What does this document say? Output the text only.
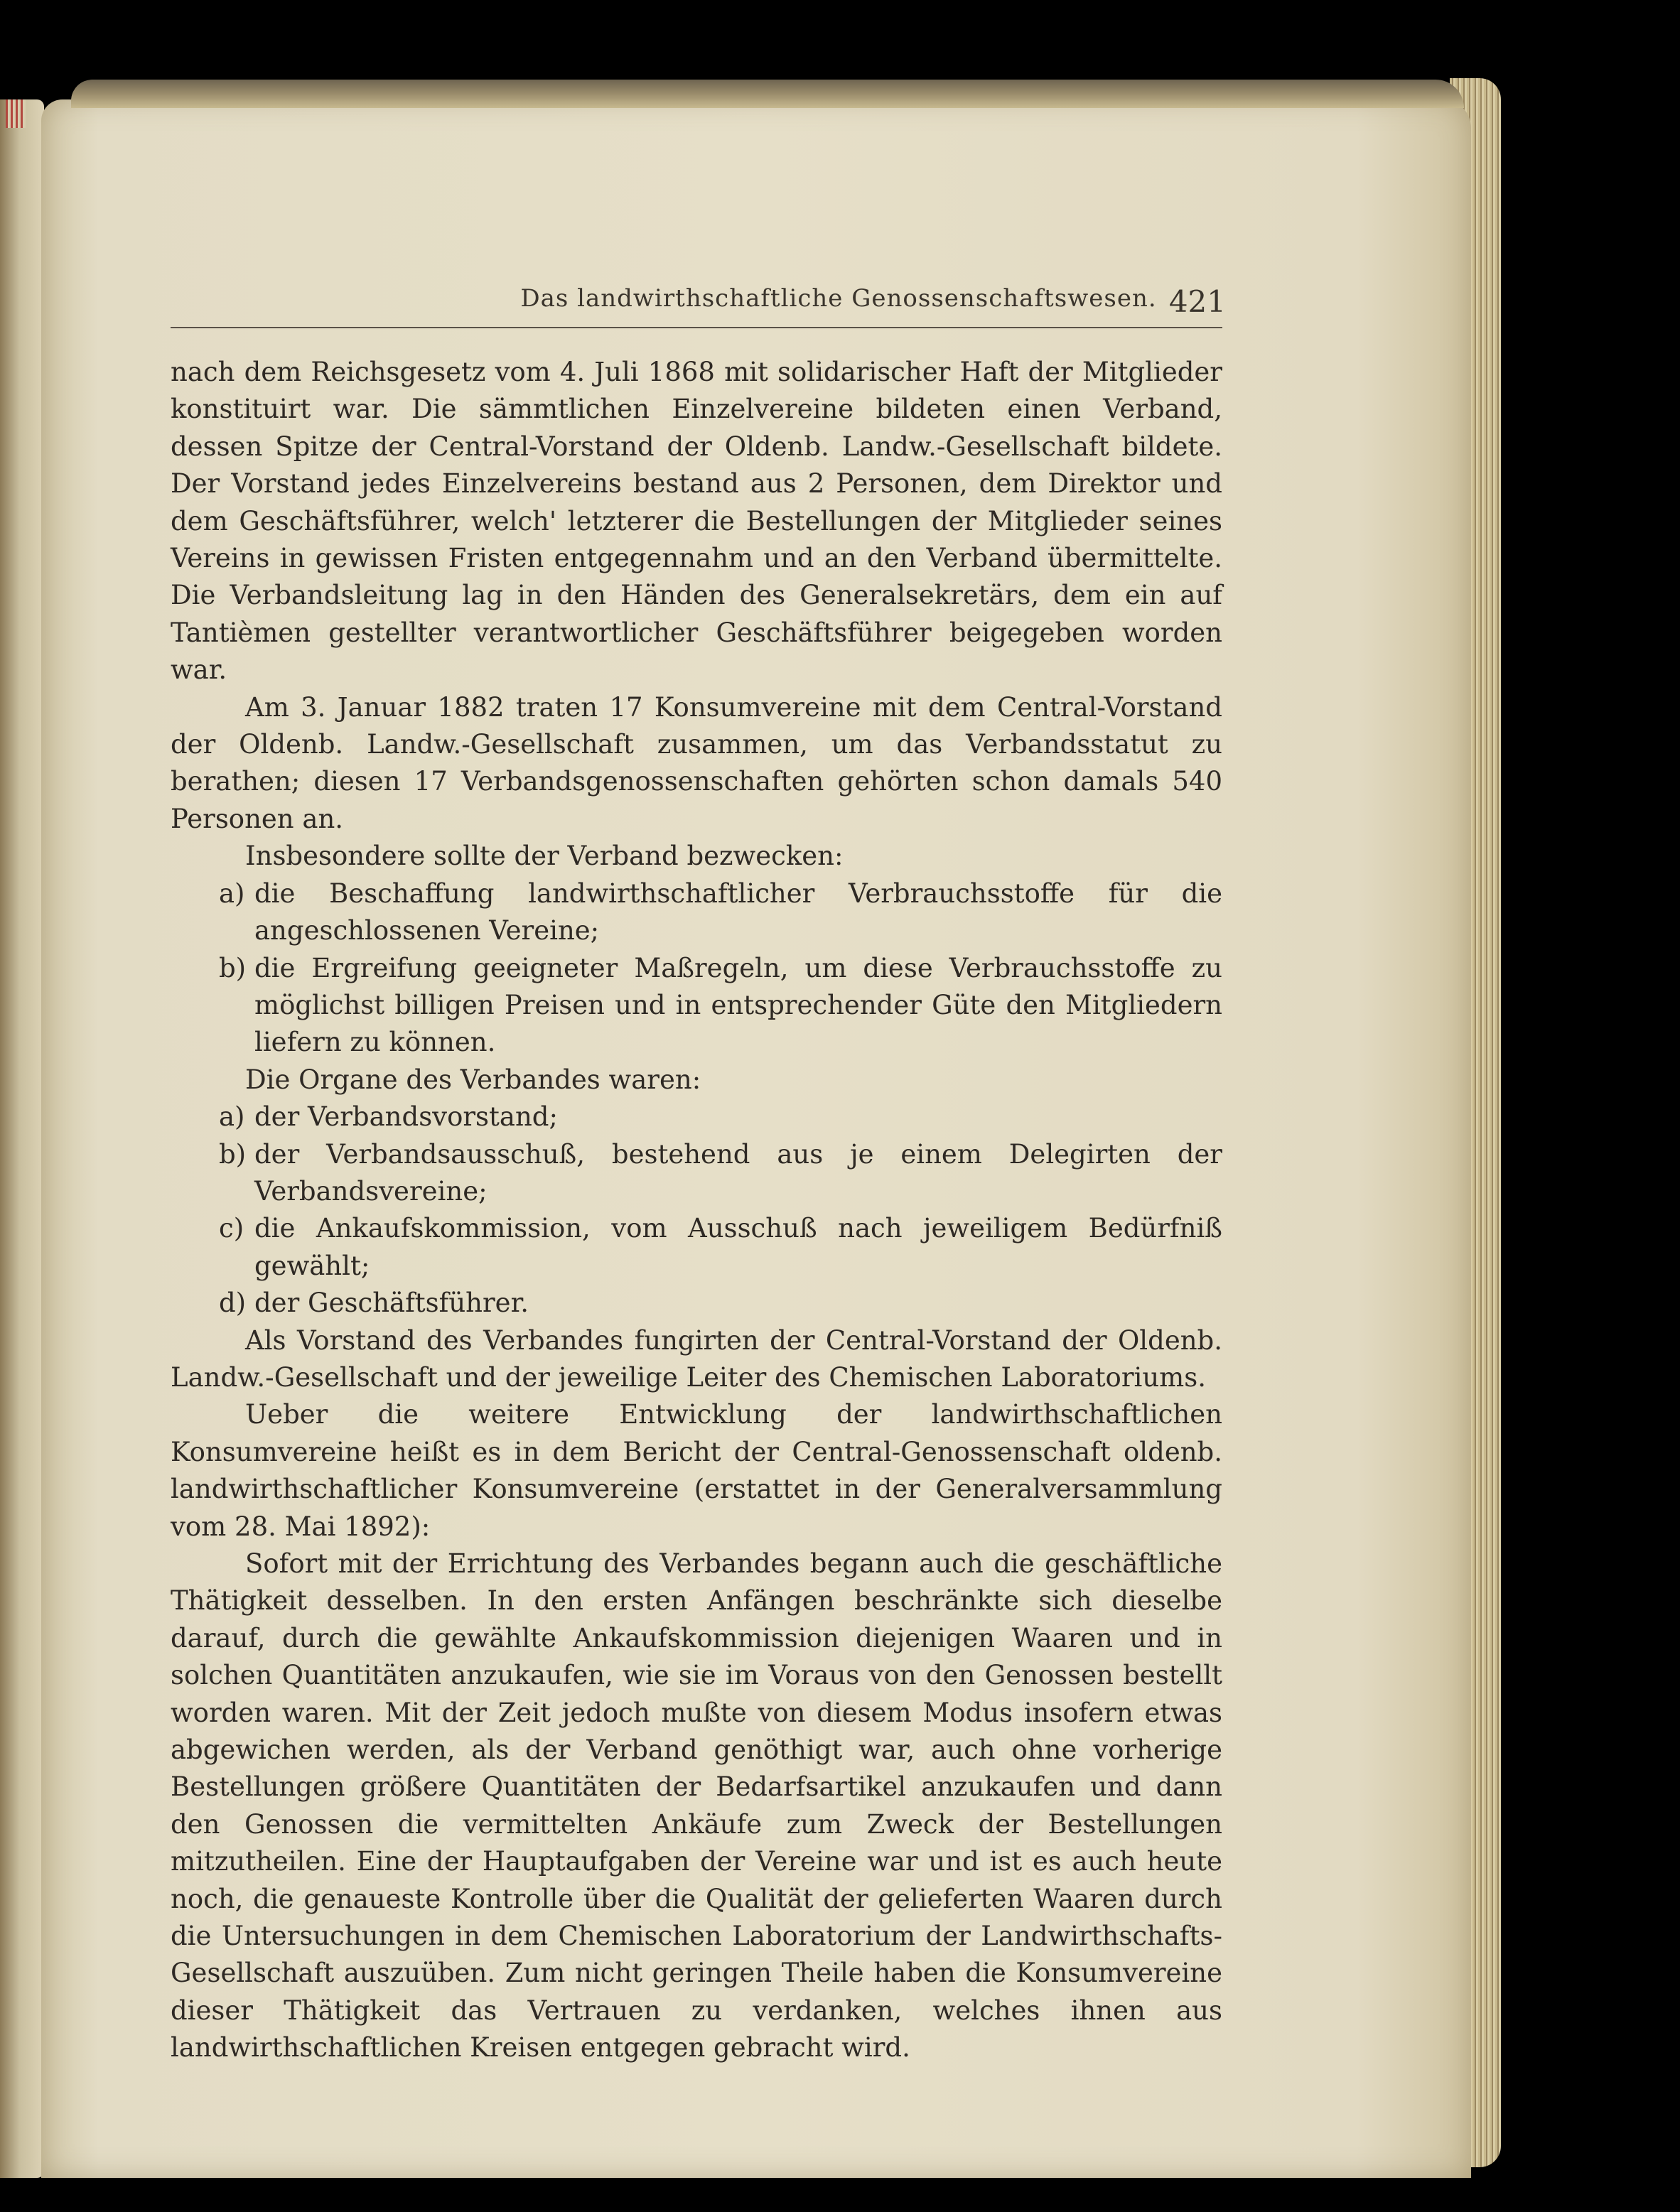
Das landwirthschaftliche Genossenschaftswesen. 421

nach dem Reichsgesetz vom 4. Juli 1868 mit solidarischer Haft der Mitglieder konstituirt war. Die sämmtlichen Einzelvereine bildeten einen Verband, dessen Spitze der Central-Vorstand der Oldenb. Landw.-Gesellschaft bildete. Der Vorstand jedes Einzelvereins bestand aus 2 Personen, dem Direktor und dem Geschäftsführer, welch' letzterer die Bestellungen der Mitglieder seines Vereins in gewissen Fristen entgegennahm und an den Verband übermittelte. Die Verbandsleitung lag in den Händen des Generalsekretärs, dem ein auf Tantièmen gestellter verantwortlicher Geschäftsführer beigegeben worden war.

Am 3. Januar 1882 traten 17 Konsumvereine mit dem Central-Vorstand der Oldenb. Landw.-Gesellschaft zusammen, um das Verbandsstatut zu berathen; diesen 17 Verbandsgenossenschaften gehörten schon damals 540 Personen an.

Insbesondere sollte der Verband bezwecken:

a) die Beschaffung landwirthschaftlicher Verbrauchsstoffe für die angeschlossenen Vereine;

b) die Ergreifung geeigneter Maßregeln, um diese Verbrauchsstoffe zu möglichst billigen Preisen und in entsprechender Güte den Mitgliedern liefern zu können.

Die Organe des Verbandes waren:

a) der Verbandsvorstand;

b) der Verbandsausschuß, bestehend aus je einem Delegirten der Verbandsvereine;

c) die Ankaufskommission, vom Ausschuß nach jeweiligem Bedürfniß gewählt;

d) der Geschäftsführer.

Als Vorstand des Verbandes fungirten der Central-Vorstand der Oldenb. Landw.-Gesellschaft und der jeweilige Leiter des Chemischen Laboratoriums.

Ueber die weitere Entwicklung der landwirthschaftlichen Konsumvereine heißt es in dem Bericht der Central-Genossenschaft oldenb. landwirthschaftlicher Konsumvereine (erstattet in der Generalversammlung vom 28. Mai 1892):

Sofort mit der Errichtung des Verbandes begann auch die geschäftliche Thätigkeit desselben. In den ersten Anfängen beschränkte sich dieselbe darauf, durch die gewählte Ankaufskommission diejenigen Waaren und in solchen Quantitäten anzukaufen, wie sie im Voraus von den Genossen bestellt worden waren. Mit der Zeit jedoch mußte von diesem Modus insofern etwas abgewichen werden, als der Verband genöthigt war, auch ohne vorherige Bestellungen größere Quantitäten der Bedarfsartikel anzukaufen und dann den Genossen die vermittelten Ankäufe zum Zweck der Bestellungen mitzutheilen. Eine der Hauptaufgaben der Vereine war und ist es auch heute noch, die genaueste Kontrolle über die Qualität der gelieferten Waaren durch die Untersuchungen in dem Chemischen Laboratorium der Landwirthschafts-Gesellschaft auszuüben. Zum nicht geringen Theile haben die Konsumvereine dieser Thätigkeit das Vertrauen zu verdanken, welches ihnen aus landwirthschaftlichen Kreisen entgegen gebracht wird.
